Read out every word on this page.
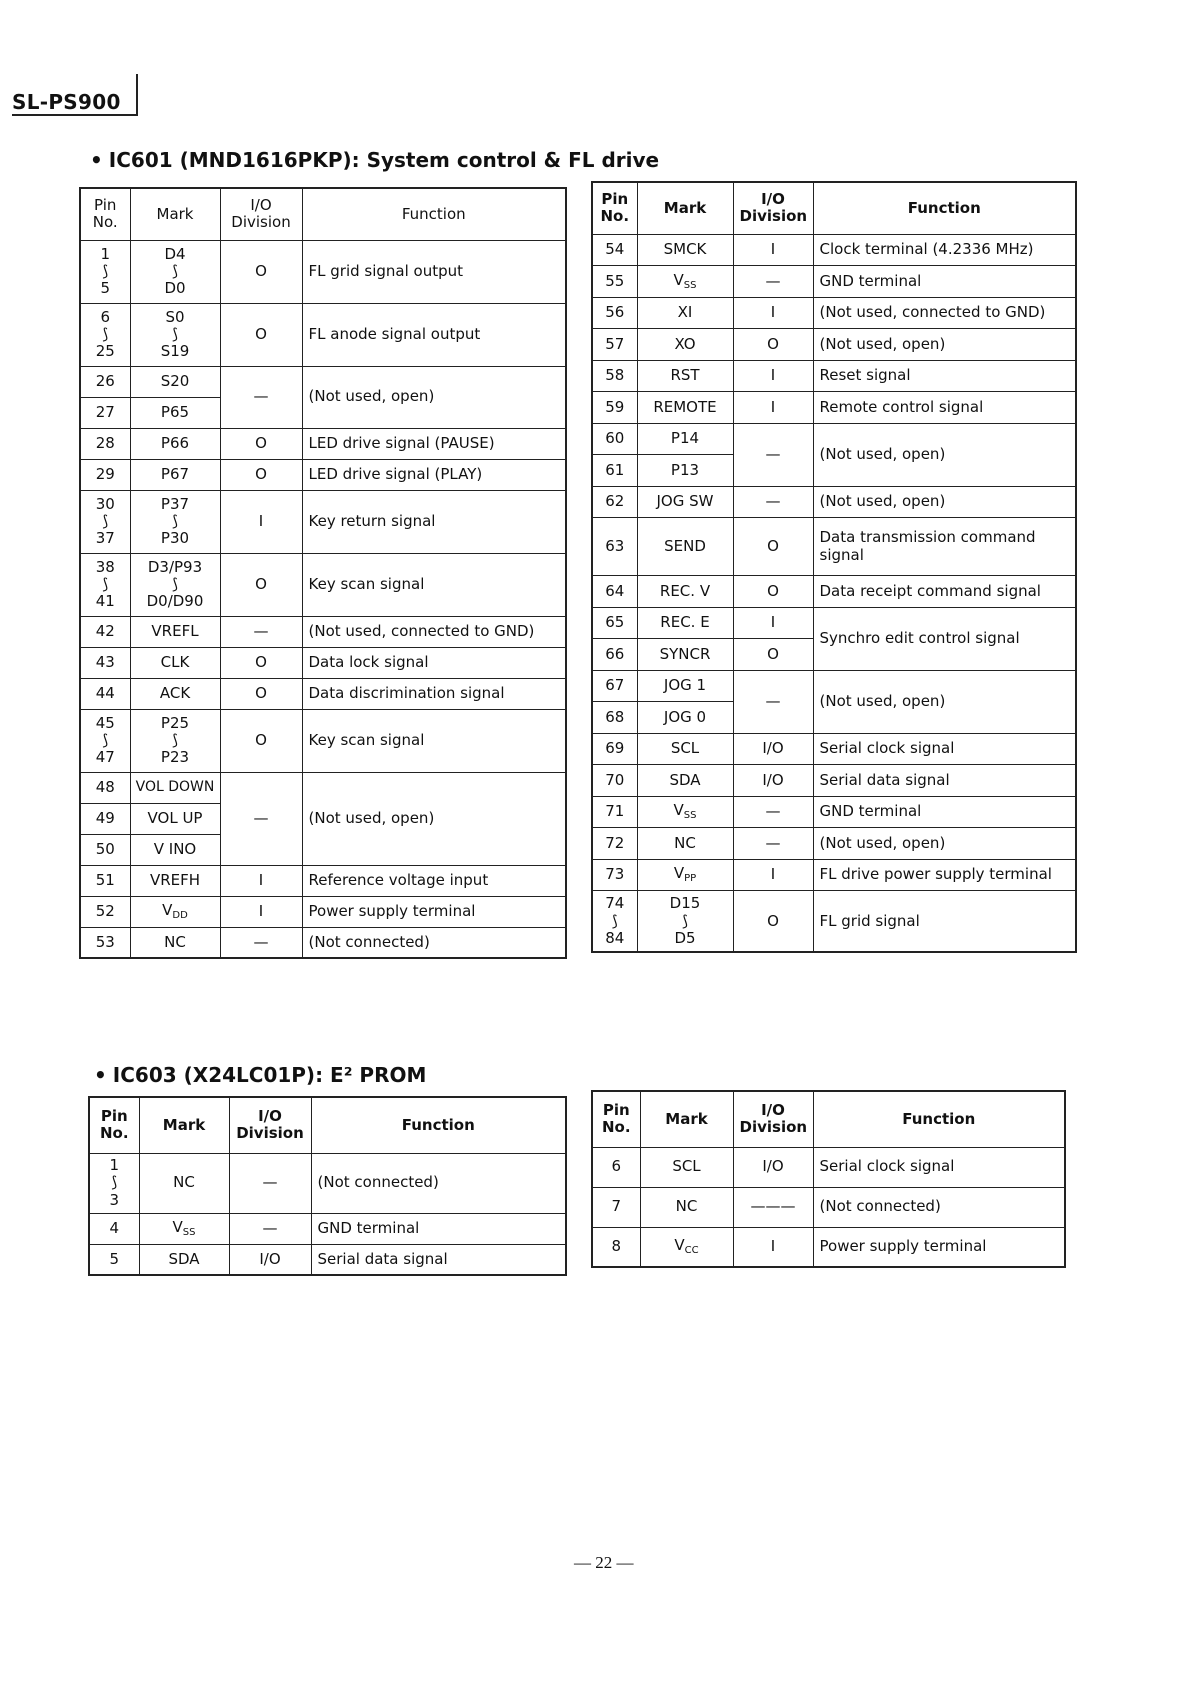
SL-PS900
• IC601 (MND1616PKP): System control & FL drive
Pin
No.	Mark	I/O
Division	Function

1
⟆
5	D4
⟆
D0	O	FL grid signal output

6
⟆
25	S0
⟆
S19	O	FL anode signal output
26	S20	—	(Not used, open)
27	P65		
28	P66	O	LED drive signal (PAUSE)
29	P67	O	LED drive signal (PLAY)

30
⟆
37	P37
⟆
P30	I	Key return signal

38
⟆
41	D3/P93
⟆
D0/D90	O	Key scan signal
42	VREFL	—	(Not used, connected to GND)
43	CLK	O	Data lock signal
44	ACK	O	Data discrimination signal

45
⟆
47	P25
⟆
P23	O	Key scan signal
48	VOL DOWN	—	(Not used, open)
49	VOL UP		
50	V INO		
51	VREFH	I	Reference voltage input
52	$V_{DD}$	I	Power supply terminal
53	NC	—	(Not connected)
Pin
No.	Mark	I/O
Division	Function
54	SMCK	I	Clock terminal (4.2336 MHz)
55	$V_{SS}$	—	GND terminal
56	XI	I	(Not used, connected to GND)
57	XO	O	(Not used, open)
58	RST	I	Reset signal
59	REMOTE	I	Remote control signal
60	P14	—	(Not used, open)
61	P13		
62	JOG SW	—	(Not used, open)
63	SEND	O	Data transmission command signal
64	REC. V	O	Data receipt command signal
65	REC. E	I	Synchro edit control signal
66	SYNCR	O	
67	JOG 1	—	(Not used, open)
68	JOG 0		
69	SCL	I/O	Serial clock signal
70	SDA	I/O	Serial data signal
71	$V_{SS}$	—	GND terminal
72	NC	—	(Not used, open)
73	$V_{PP}$	I	FL drive power supply terminal

74
⟆
84	D15
⟆
D5	O	FL grid signal
• IC603 (X24LC01P): E² PROM
Pin
No.	Mark	I/O
Division	Function

1
⟆
3	NC	—	(Not connected)
4	$V_{SS}$	—	GND terminal
5	SDA	I/O	Serial data signal
Pin
No.	Mark	I/O
Division	Function
6	SCL	I/O	Serial clock signal
7	NC	———	(Not connected)
8	$V_{CC}$	I	Power supply terminal
— 22 —
